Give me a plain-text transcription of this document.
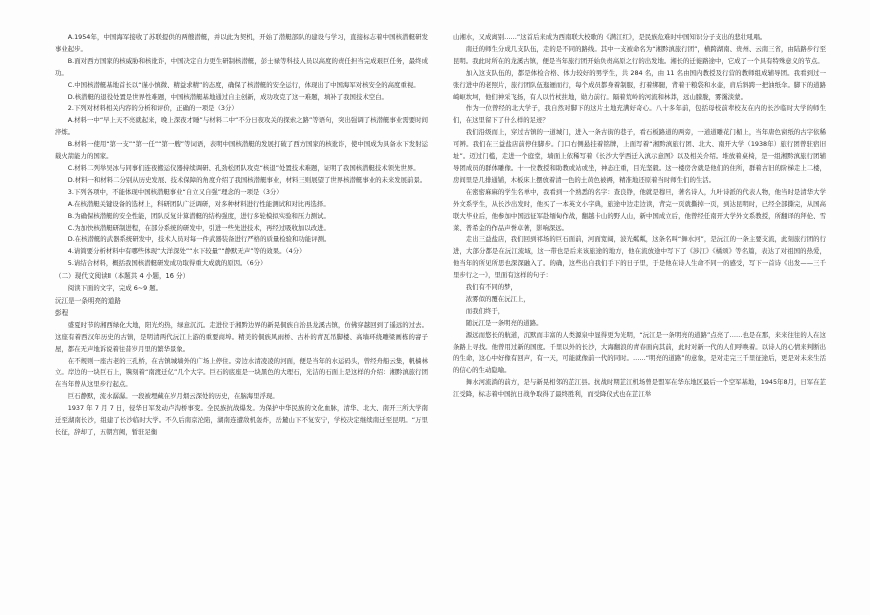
A.1954年，中国海军接收了苏联提供的两艘潜艇，并以此为契机，开始了潜艇部队的建设与学习，直接标志着中国核潜艇研发事业起步。

B.面对西方国家的核威胁和核讹诈，中国决定自力更生研制核潜艇，彭士禄等科技人员以高度的责任担当完成艰巨任务，最终成功。

C.中国核潜艇基地首长以“谨小慎微、精益求精”的态度，确保了核潜艇的安全运行，体现出了中国海军对核安全的高度重视。

D.核潜艇的退役处置是世界性难题，中国核潜艇基地通过自主创新，成功攻克了这一难题，填补了我国技术空白。

2.下列对材料相关内容的分析和评价，正确的一项是（3分）

A.材料一中“早上天不亮就起来，晚上深夜才睡”与材料二中“不分日夜攻关的探索之路”等语句，突出强调了核潜艇事业需要时间淬炼。

B.材料一使用“第一支”“第一任”“第一艘”等词语，表明中国核潜艇的发展打破了西方国家的核讹诈，使中国成为具备水下发射运载火箭能力的国家。

C.材料二列举吴冰与同事们连夜搬运仪器持续调研、孔劲松团队攻克“核退”处置技术难题，证明了我国核潜艇技术领先世界。

D.材料一和材料二分别从历史发展、技术保障的角度介绍了我国核潜艇事业，材料三则展望了世界核潜艇事业的未来发展前景。

3.下列各项中，不能体现中国核潜艇事业“自立又自强”理念的一项是（3分）

A.在核潜艇关键设备的选材上，科研团队广泛调研，对多种材料进行性能测试和对比再选择。

B.为确保核潜艇的安全性能，团队反复计算潜艇的结构强度，进行多轮模拟实验和压力测试。

C.为加快核潜艇研制进程，在部分系统的研发中，引进一些先进技术，再经过吸收加以改进。

D.在核潜艇的武器系统研发中，技术人员对每一件武器装备进行严格的质量检验和功能评测。

4.请简要分析材料中有哪些体现“大洋深处”“水下较量”“静默无声”等的效果。（4分）

5.请结合材料，概括我国核潜艇研发成功取得重大成就的原因。（6分）

（二）现代文阅读Ⅱ（本题共 4 小题，16 分）

阅读下面的文字，完成 6~9 题。

沅江是一条明亮的道路

彭程

盛夏时节的湘西绿化大地，阳光灼热，绿意沉沉。走进位于湘黔边界的新晃侗族自治县龙溪古镇，仿佛穿越回到了遥远的过去。这座有着西汉年历史的古镇，是明清两代沅江上游的重要商埠。精美的侗族风雨桥、古朴的青瓦吊脚楼、高墙环绕雕梁画栋的窨子屋，都在无声地诉说着往昔岁月里的繁华景象。

在不规则一座古老的三孔桥，在古镇城墙外的广场上停住。旁边水清凌凌的河面，便是当年的水运码头，曾经舟船云集，帆樯林立。岸边的一块巨石上，镌刻着“南渡迁亿”几个大字。巨石的底座是一块黑色的大理石，光洁的石面上是这样的介绍：湘黔滇旅行团在当年曾从这里步行起点。

巨石静默，流水潺潺。一段被埋藏在岁月烟云深处的历史，在脑海里浮现。

1937 年 7 月 7 日，侵华日军发动卢沟桥事变。全民族抗战爆发。为保护中华民族的文化血脉，清华、北大、南开三所大学南迁至湖南长沙，组建了长沙临时大学。不久后南京沦陷，湖南连遭敌机轰炸，岳麓山下不复安宁，学校决定继续南迁至昆明。“万里长征，辞却了，五朝宫阙，暂驻足衡

山湘水，又成离别……”这首后来成为西南联大校歌的《满江红》，是民族危难时中国知识分子支出的悲壮吼唱。

南迁的师生分成几支队伍，走的是不同的路线。其中一支被命名为“湘黔滇旅行团”，横跨湖南、贵州、云南三省，由陆路步行至昆明。我此时所在的龙溪古镇，便是当年旅行团开始负责高原之行的出发地。湘长的迁徙路途中，它成了一个具有特殊意义的节点。

加入这支队伍的，都是体检合格、体力较好的男学生，共 284 名，由 11 名由国内教授及行营的教师组成辅导团。我看到过一张行进中的老照片，旅行团队伍迤逦而行，每个成员都身着制服，打着绑腿，背着干粮袋和水壶，肩后斜跨一把油纸伞。脚下的道路崎岖坎坷，他们神采飞扬，有人以竹杖拄地，勋力前行。隔着荒岭的河流和林莽，远山朦胧，雾霭淡蒙。

作为一位曾经的北大学子，我自然对脚下的这片土地充满好奇心。八十多年前，包括母校前辈校友在内的长沙临时大学的师生们，在这里留下了什么样的足迹？

我们沿级而上，穿过古镇的一道城门，进入一条古街的巷子，看石板路道的两旁，一道道雕花门楣上，当年唐色窗纸的古字依稀可辨。我们在三益盐店前停住脚步。门口右侧悬挂着铭牌，上面写着“湘黔滇旅行团、北大、南开大学（1938年）旅行团曾驻宿旧址”。迈过门槛，走进一个庭堂，墙面上依稀写着《长沙大学西迁入滇示意图》以及相关介绍。堆放着桌椅，是一组湘黔滇旅行团辅导团成员的群体雕像。十一位教授和助教或站或坐，神态庄重，目光坚毅。这一楼房舍就是他们的住所，群着古旧的阶梯走上二楼，房间里是几排通铺，木板床上摆放着清一色的土黄色被褥，精准地还原着当时师生们的生活。

在密密麻麻的学生名单中，我看到一个熟悉的名字：查良铮，他就是穆旦，著名诗人，九叶诗派的代表人物，他当时是清华大学外文系学生，从长沙出发时，他买了一本英文小字典，旅途中边走边读，背完一页就撕掉一页，到达昆明时，已经全部撕完，从国高联大毕业后，他参加中国远征军赴缅甸作战，翻越卡山的野人山，新中国成立后，他曾经任南开大学外文系教授，所翻译的拜伦、雪莱、普希金的作品声誉卓著，影响深远。

走出三益盐店，我们回到祁场的巨石面前，河面宽阔，波光粼粼，这条名叫“舞水河”，是沅江的一条主要支流，此刻旅行团的行进，大部分都是在沅江流域，这一带也是后来该旅途的地方，他在流放途中写下了《涉江》《橘颂》等名篇，表达了对祖国的热爱，他当年的所见所思也深深融入了。的确，这些出自我们手下的日子里，于是他在诗人生命不同一的感受，写下一首诗《出发——三千里步行之一》，里面有这样的句子：

我们有不同的梦，

浓雾似的覆在沅江上，

而我们终于，

随沅江是一条明亮的道路。

源远而悠长的航道，沉默而丰富的人类源泉中显得更为光明，“沅江是一条明亮的道路”点亮了……也是在那，来来往往的人在这条路上寻找。他曾用过新的国度。千里以外的长沙，大海翻浪的青春面向其前，此时对新一代的人们呼唤着。以诗人的心情来判断出的生命，这心中好像有回声，有一天，可能就像前一代的同时。……“明亮的道路”的意象，是对走完三千里征途后，更是对未来生活的信心的生动隐喻。

舞水河流淌的前方，是与新晃相邻的芷江县。抗战时期芷江机场曾是盟军在华东地区最后一个空军基地，1945年8月，日军在芷江受降，标志着中国抗日战争取得了最终胜利，而受降仪式也在芷江举
